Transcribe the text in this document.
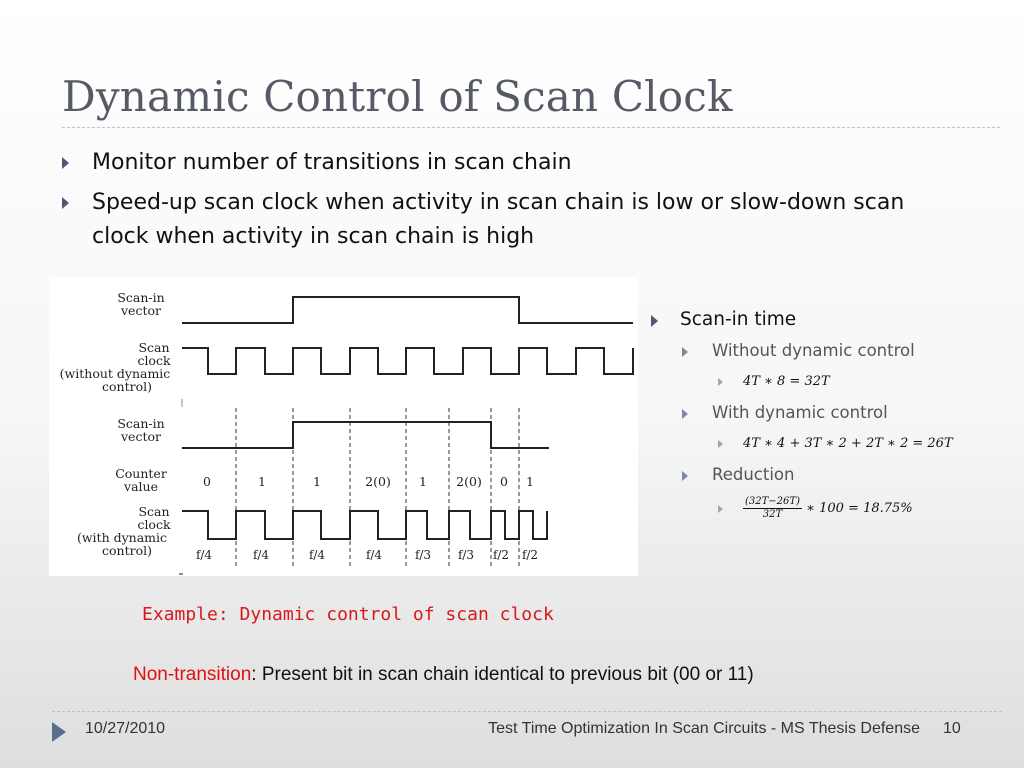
Dynamic Control of Scan Clock
Monitor number of transitions in scan chain
Speed-up scan clock when activity in scan chain is low or slow-down scan clock when activity in scan chain is high
Scan-in
vector
Scan
clock
(without dynamic
control)
Scan-in
vector
Counter
value	0	1	1	2(0) 1 2(0) 0 1
Scan
clock
(with dynamic
control)	f/4	f/4	f/4	f/4	f/3 f/3 f/2 f/2
Scan-in time
Without dynamic control
4T ∗ 8 = 32T
With dynamic control
4T ∗ 4 + 3T ∗ 2 + 2T ∗ 2 = 26T
Reduction
$\frac{(32T-26T)}{32T}$ ∗ 100 = 18.75%
Example: Dynamic control of scan clock
Non-transition: Present bit in scan chain identical to previous bit (00 or 11)
10/27/2010	Test Time Optimization In Scan Circuits - MS Thesis Defense 10
